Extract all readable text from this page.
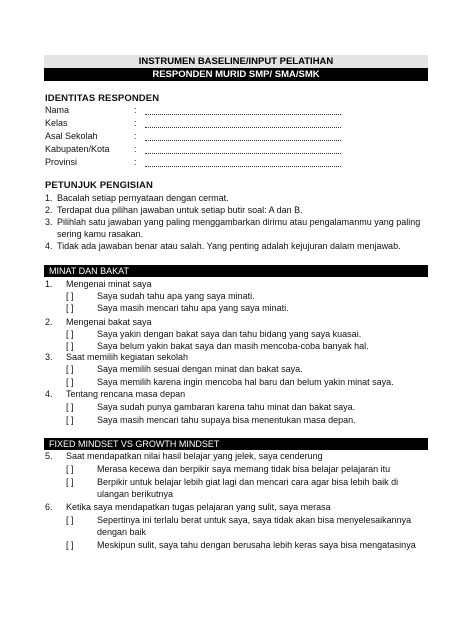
INSTRUMEN BASELINE/INPUT PELATIHAN
RESPONDEN MURID SMP/ SMA/SMK
IDENTITAS RESPONDEN
Nama	:
Kelas	:
Asal Sekolah	:
Kabupaten/Kota	:
Provinsi	:
PETUNJUK PENGISIAN
1. Bacalah setiap pernyataan dengan cermat.
2. Terdapat dua pilihan jawaban untuk setiap butir soal: A dan B.
3. Pilihlah satu jawaban yang paling menggambarkan dirimu atau pengalamanmu yang paling sering kamu rasakan.
4. Tidak ada jawaban benar atau salah. Yang penting adalah kejujuran dalam menjawab.
MINAT DAN BAKAT
1. Mengenai minat saya
[ ]	Saya sudah tahu apa yang saya minati.
[ ]	Saya masih mencari tahu apa yang saya minati.
2. Mengenai bakat saya
[ ]	Saya yakin dengan bakat saya dan tahu bidang yang saya kuasai.
[ ]	Saya belum yakin bakat saya dan masih mencoba-coba banyak hal.
3. Saat memilih kegiatan sekolah
[ ]	Saya memilih sesuai dengan minat dan bakat saya.
[ ]	Saya memilih karena ingin mencoba hal baru dan belum yakin minat saya.
4. Tentang rencana masa depan
[ ]	Saya sudah punya gambaran karena tahu minat dan bakat saya.
[ ]	Saya masih mencari tahu supaya bisa menentukan masa depan.
FIXED MINDSET VS GROWTH MINDSET
5. Saat mendapatkan nilai hasil belajar yang jelek, saya cenderung
[ ]	Merasa kecewa dan berpikir saya memang tidak bisa belajar pelajaran itu
[ ]	Berpikir untuk belajar lebih giat lagi dan mencari cara agar bisa lebih baik di ulangan berikutnya
6. Ketika saya mendapatkan tugas pelajaran yang sulit, saya merasa
[ ]	Sepertinya ini terlalu berat untuk saya, saya tidak akan bisa menyelesaikannya dengan baik
[ ]	Meskipun sulit, saya tahu dengan berusaha lebih keras saya bisa mengatasinya
